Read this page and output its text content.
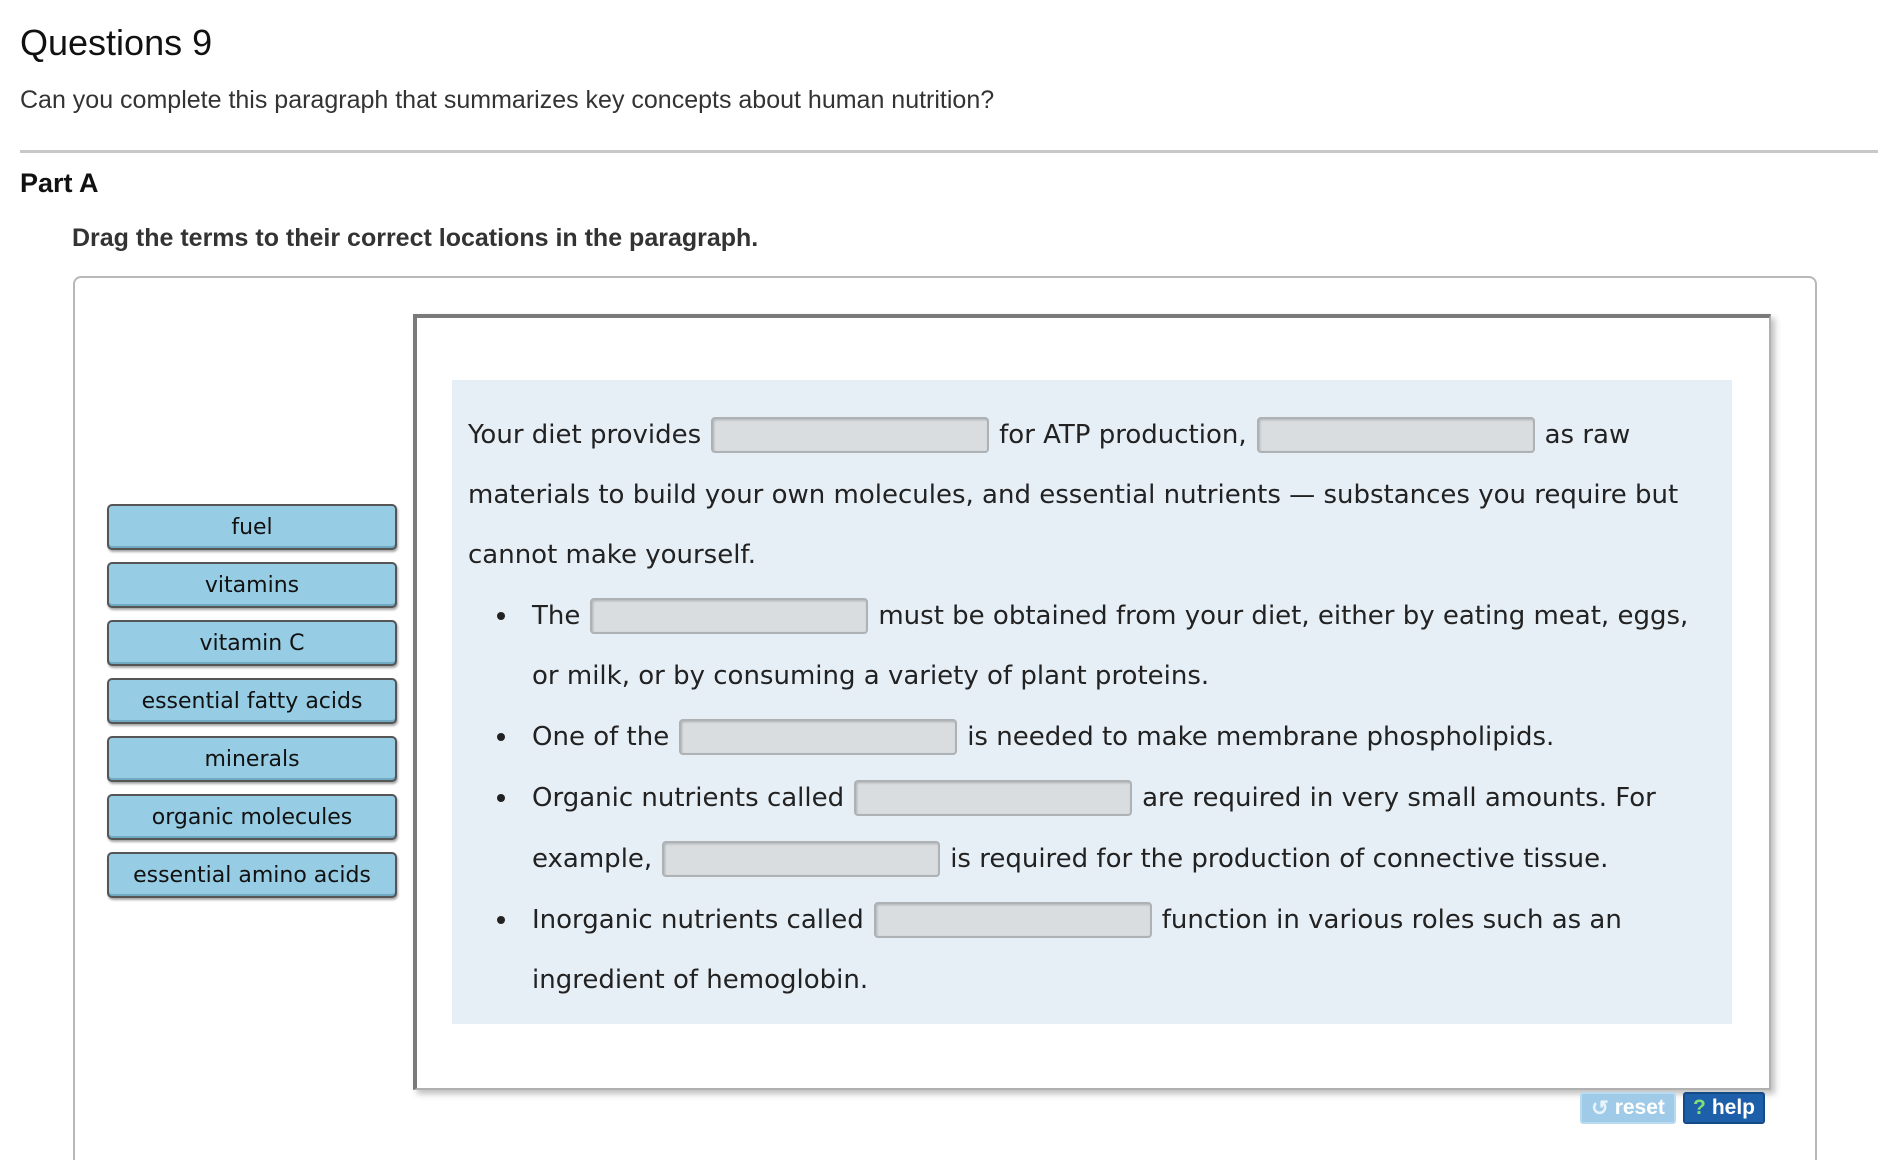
Questions 9
Can you complete this paragraph that summarizes key concepts about human nutrition?
Part A
Drag the terms to their correct locations in the paragraph.
fuel
vitamins
vitamin C
essential fatty acids
minerals
organic molecules
essential amino acids
Your diet provides	for ATP production,	as raw
materials to build your own molecules, and essential nutrients — substances you require but
cannot make yourself.
The	must be obtained from your diet, either by eating meat, eggs,
or milk, or by consuming a variety of plant proteins.
One of the	is needed to make membrane phospholipids.
Organic nutrients called	are required in very small amounts. For
example,	is required for the production of connective tissue.
Inorganic nutrients called	function in various roles such as an
ingredient of hemoglobin.
↺ reset ? help
